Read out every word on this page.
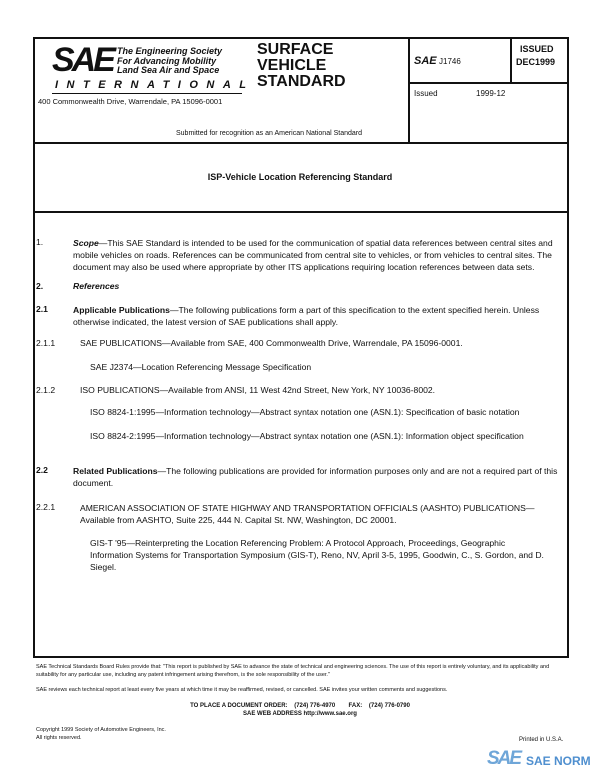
SAE The Engineering Society
For Advancing Mobility
Land Sea Air and Space
INTERNATIONAL
400 Commonwealth Drive, Warrendale, PA 15096-0001
SURFACE
VEHICLE
STANDARD
SAE J1746
ISSUED
DEC1999
Issued	1999-12
Submitted for recognition as an American National Standard
ISP-Vehicle Location Referencing Standard
1.	Scope—This SAE Standard is intended to be used for the communication of spatial data references between central sites and mobile vehicles on roads. References can be communicated from central site to vehicles, or from vehicles to central sites. The document may also be used where appropriate by other ITS applications requiring location references between data sets.
2.	References
2.1	Applicable Publications—The following publications form a part of this specification to the extent specified herein. Unless otherwise indicated, the latest version of SAE publications shall apply.
2.1.1	SAE PUBLICATIONS—Available from SAE, 400 Commonwealth Drive, Warrendale, PA 15096-0001.
SAE J2374—Location Referencing Message Specification
2.1.2	ISO PUBLICATIONS—Available from ANSI, 11 West 42nd Street, New York, NY 10036-8002.
ISO 8824-1:1995—Information technology—Abstract syntax notation one (ASN.1): Specification of basic notation
ISO 8824-2:1995—Information technology—Abstract syntax notation one (ASN.1): Information object specification
2.2	Related Publications—The following publications are provided for information purposes only and are not a required part of this document.
2.2.1	AMERICAN ASSOCIATION OF STATE HIGHWAY AND TRANSPORTATION OFFICIALS (AASHTO) PUBLICATIONS—Available from AASHTO, Suite 225, 444 N. Capital St. NW, Washington, DC 20001.
GIS-T '95—Reinterpreting the Location Referencing Problem: A Protocol Approach, Proceedings, Geographic Information Systems for Transportation Symposium (GIS-T), Reno, NV, April 3-5, 1995, Goodwin, C., S. Gordon, and D. Siegel.
SAE Technical Standards Board Rules provide that: "This report is published by SAE to advance the state of technical and engineering sciences. The use of this report is entirely voluntary, and its applicability and suitability for any particular use, including any patent infringement arising therefrom, is the sole responsibility of the user."
SAE reviews each technical report at least every five years at which time it may be reaffirmed, revised, or cancelled. SAE invites your written comments and suggestions.
TO PLACE A DOCUMENT ORDER:    (724) 776-4970        FAX:    (724) 776-0790
SAE WEB ADDRESS http://www.sae.org
Copyright 1999 Society of Automotive Engineers, Inc.
All rights reserved.	Printed in U.S.A.
SAE SAE NORM
